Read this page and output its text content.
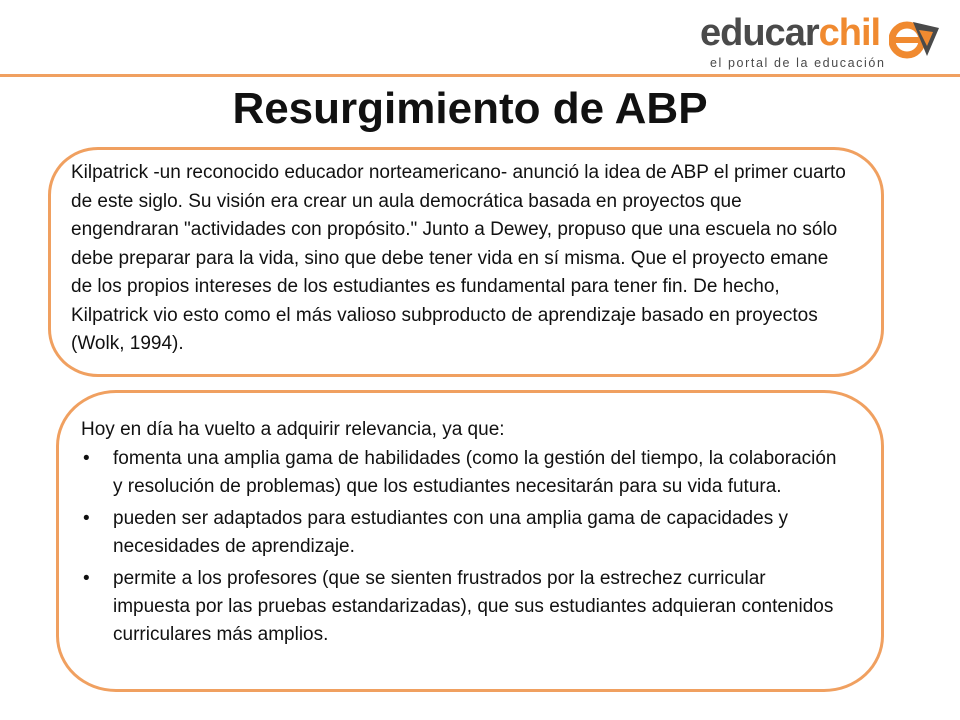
educarchil
el portal de la educación
Resurgimiento de ABP
Kilpatrick -un reconocido educador norteamericano- anunció la idea de ABP el primer cuarto de este siglo. Su visión era crear un aula democrática basada en proyectos que engendraran "actividades con propósito." Junto a Dewey, propuso que una escuela no sólo debe preparar para la vida, sino que debe tener vida en sí misma. Que el proyecto emane de los propios intereses de los estudiantes es fundamental para tener fin. De hecho, Kilpatrick vio esto como el más valioso subproducto de aprendizaje basado en proyectos (Wolk, 1994).
Hoy en día ha vuelto a adquirir relevancia, ya que:
• fomenta una amplia gama de habilidades (como la gestión del tiempo, la colaboración y resolución de problemas) que los estudiantes necesitarán para su vida futura.
• pueden ser adaptados para estudiantes con una amplia gama de capacidades y necesidades de aprendizaje.
• permite a los profesores (que se sienten frustrados por la estrechez curricular impuesta por las pruebas estandarizadas), que sus estudiantes adquieran contenidos curriculares más amplios.
